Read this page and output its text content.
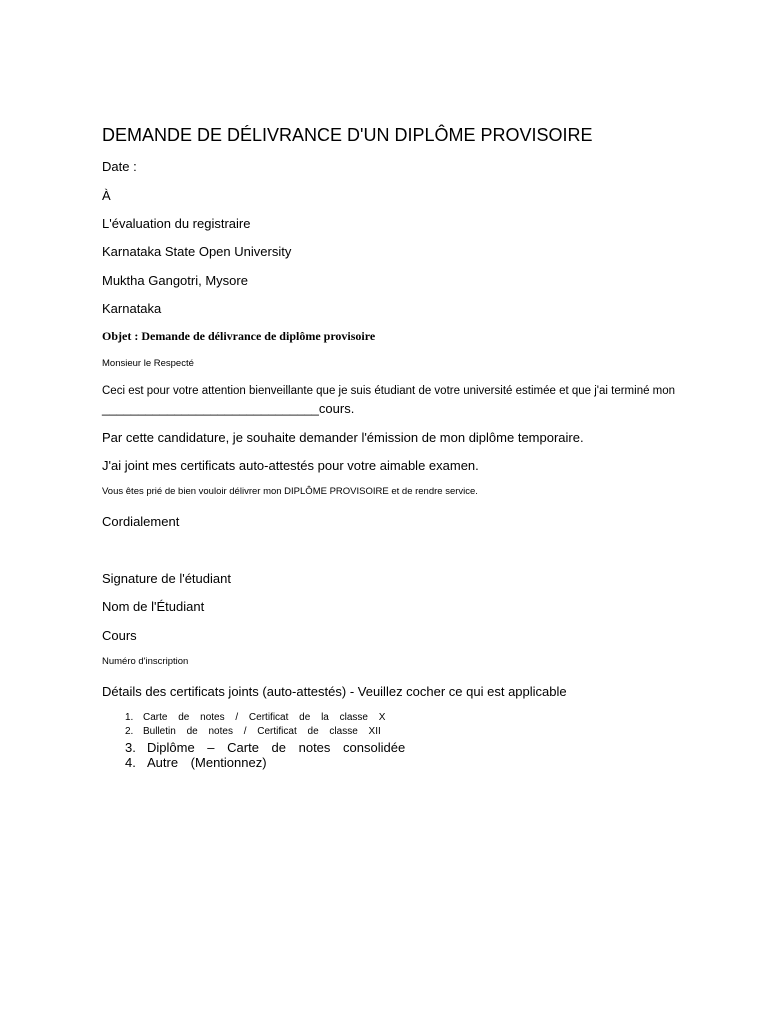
DEMANDE DE DÉLIVRANCE D'UN DIPLÔME PROVISOIRE

Date :

À

L'évaluation du registraire

Karnataka State Open University

Muktha Gangotri, Mysore

Karnataka

Objet : Demande de délivrance de diplôme provisoire

Monsieur le Respecté

Ceci est pour votre attention bienveillante que je suis étudiant de votre université estimée et que j'ai terminé mon

______________________________cours.

Par cette candidature, je souhaite demander l'émission de mon diplôme temporaire.

J'ai joint mes certificats auto-attestés pour votre aimable examen.

Vous êtes prié de bien vouloir délivrer mon DIPLÔME PROVISOIRE et de rendre service.

Cordialement

Signature de l'étudiant

Nom de l'Étudiant

Cours

Numéro d'inscription

Détails des certificats joints (auto-attestés) - Veuillez cocher ce qui est applicable

1. Carte de notes / Certificat de la classe X
2. Bulletin de notes / Certificat de classe XII
3. Diplôme – Carte de notes consolidée
4. Autre (Mentionnez)
